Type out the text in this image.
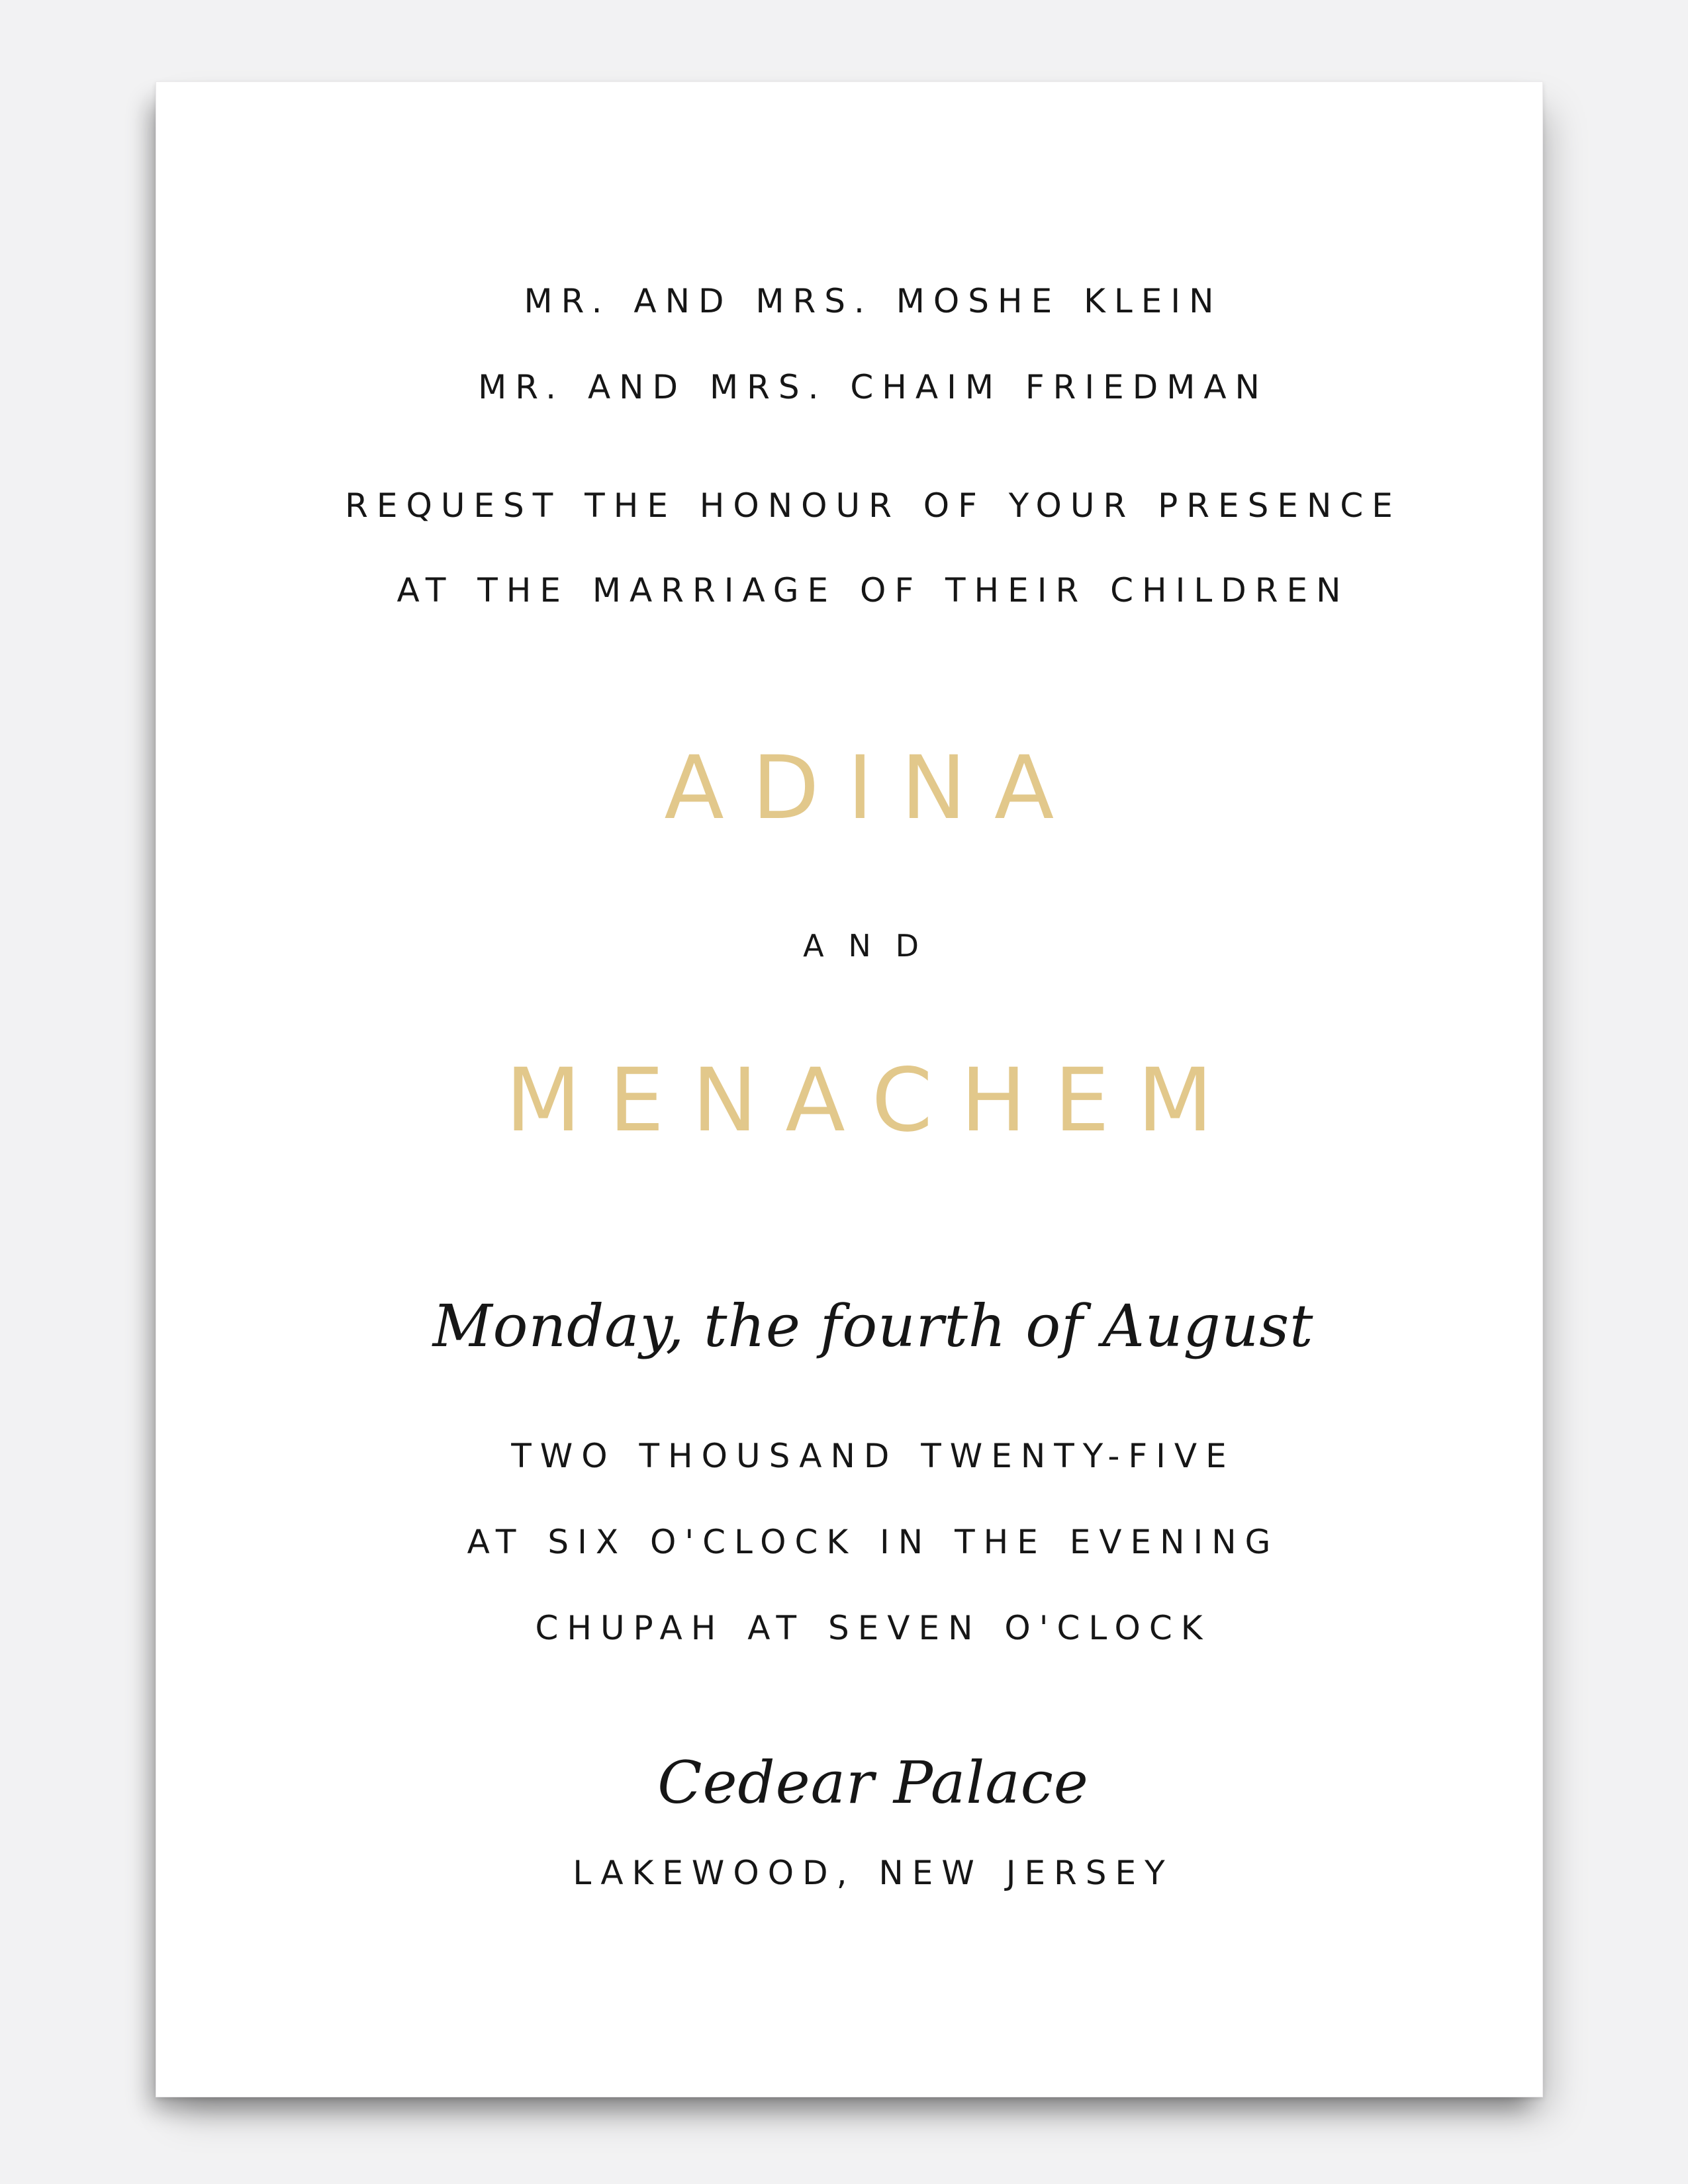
MR. AND MRS. MOSHE KLEIN
MR. AND MRS. CHAIM FRIEDMAN
REQUEST THE HONOUR OF YOUR PRESENCE
AT THE MARRIAGE OF THEIR CHILDREN
ADINA
AND
MENACHEM
Monday, the fourth of August
TWO THOUSAND TWENTY-FIVE
AT SIX O'CLOCK IN THE EVENING
CHUPAH AT SEVEN O'CLOCK
Cedear Palace
LAKEWOOD, NEW JERSEY
